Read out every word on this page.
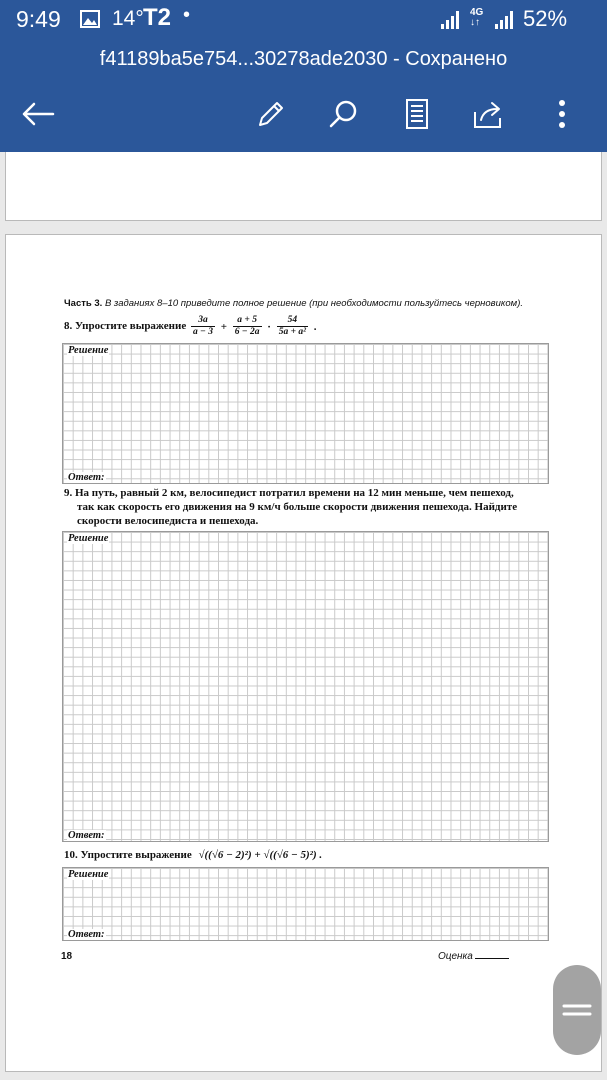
9:49 14° T2 •	4G
↓↑ 52%
f41189ba5e754...30278ade2030 - Сохранено
Часть 3. В заданиях 8–10 приведите полное решение (при необходимости пользуйтесь черновиком).
8. Упростите выражение $\frac{3a}{a - 3} + \frac{a + 5}{6 - 2a} \cdot \frac{54}{\text{5a + a²}}$ .
Решение
Ответ:
9. На путь, равный 2 км, велосипедист потратил времени на 12 мин меньше, чем пешеход,
так как скорость его движения на 9 км/ч больше скорости движения пешехода. Найдите
скорости велосипедиста и пешехода.
Решение
Ответ:
10. Упростите выражение √((√6 − 2)²) + √((√6 − 5)²) .
Решение
Ответ:
18	Оценка
